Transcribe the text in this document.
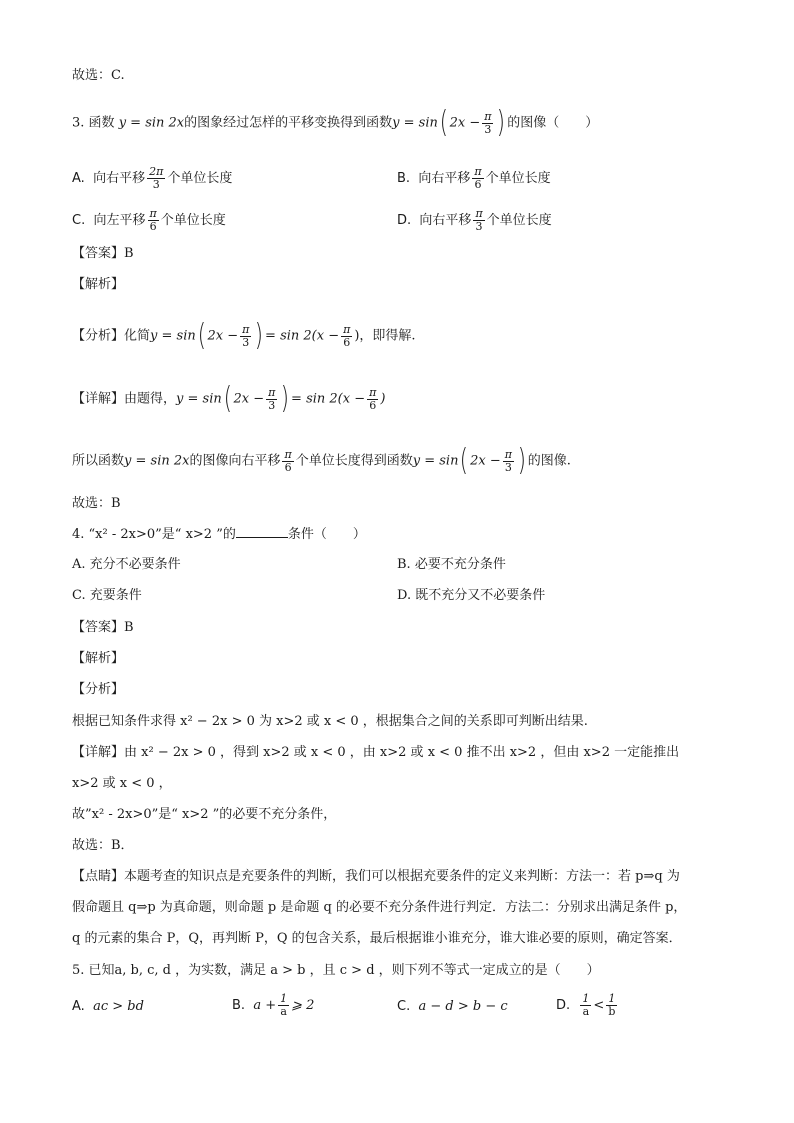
故选：C.
3. 函数 y = sin 2x的图象经过怎样的平移变换得到函数y = sin( $2x - \frac{\pi}{3}$ ) 的图像（　　）
A. 向右平移 $\frac{2\pi}{3}$ 个单位长度	B. 向右平移 $\frac{\pi}{6}$ 个单位长度
C. 向左平移 $\frac{\pi}{6}$ 个单位长度	D. 向右平移 $\frac{\pi}{3}$ 个单位长度
【答案】B
【解析】
【分析】化简y = sin( $2x - \frac{\pi}{3}$ ) = $\sin 2(x - \frac{\pi}{6}$ )，即得解.
【详解】由题得，y = sin( $2x - \frac{\pi}{3}$ ) = $\sin 2(x - \frac{\pi}{6}$ )
所以函数y = sin 2x的图像向右平移 $\frac{\pi}{6}$ 个单位长度得到函数y = sin( $2x - \frac{\pi}{3}$ ) 的图像.
故选：B
4. “x² - 2x>0”是“ x>2 ”的	条件（　　）
A. 充分不必要条件	B. 必要不充分条件
C. 充要条件	D. 既不充分又不必要条件
【答案】B
【解析】
【分析】
根据已知条件求得 x² − 2x > 0 为 x>2 或 x < 0 ，根据集合之间的关系即可判断出结果.
【详解】由 x² − 2x > 0 ，得到 x>2 或 x < 0 ，由 x>2 或 x < 0 推不出 x>2 ，但由 x>2 一定能推出
x>2 或 x < 0 ，
故”x² - 2x>0”是“ x>2 ”的必要不充分条件，
故选：B．
【点睛】本题考查的知识点是充要条件的判断，我们可以根据充要条件的定义来判断：方法一：若 p⇒q 为
假命题且 q⇒p 为真命题，则命题 p 是命题 q 的必要不充分条件进行判定．方法二：分别求出满足条件 p，
q 的元素的集合 P，Q，再判断 P，Q 的包含关系，最后根据谁小谁充分，谁大谁必要的原则，确定答案．
5. 已知a, b, c, d ，为实数，满足 a > b ，且 c > d ，则下列不等式一定成立的是（　　）
A. ac > bd	B. $a + \frac{1}{a}$ ⩾ 2	C. a − d > b − c	D. $\frac{1}{a} < \frac{1}{b}$
